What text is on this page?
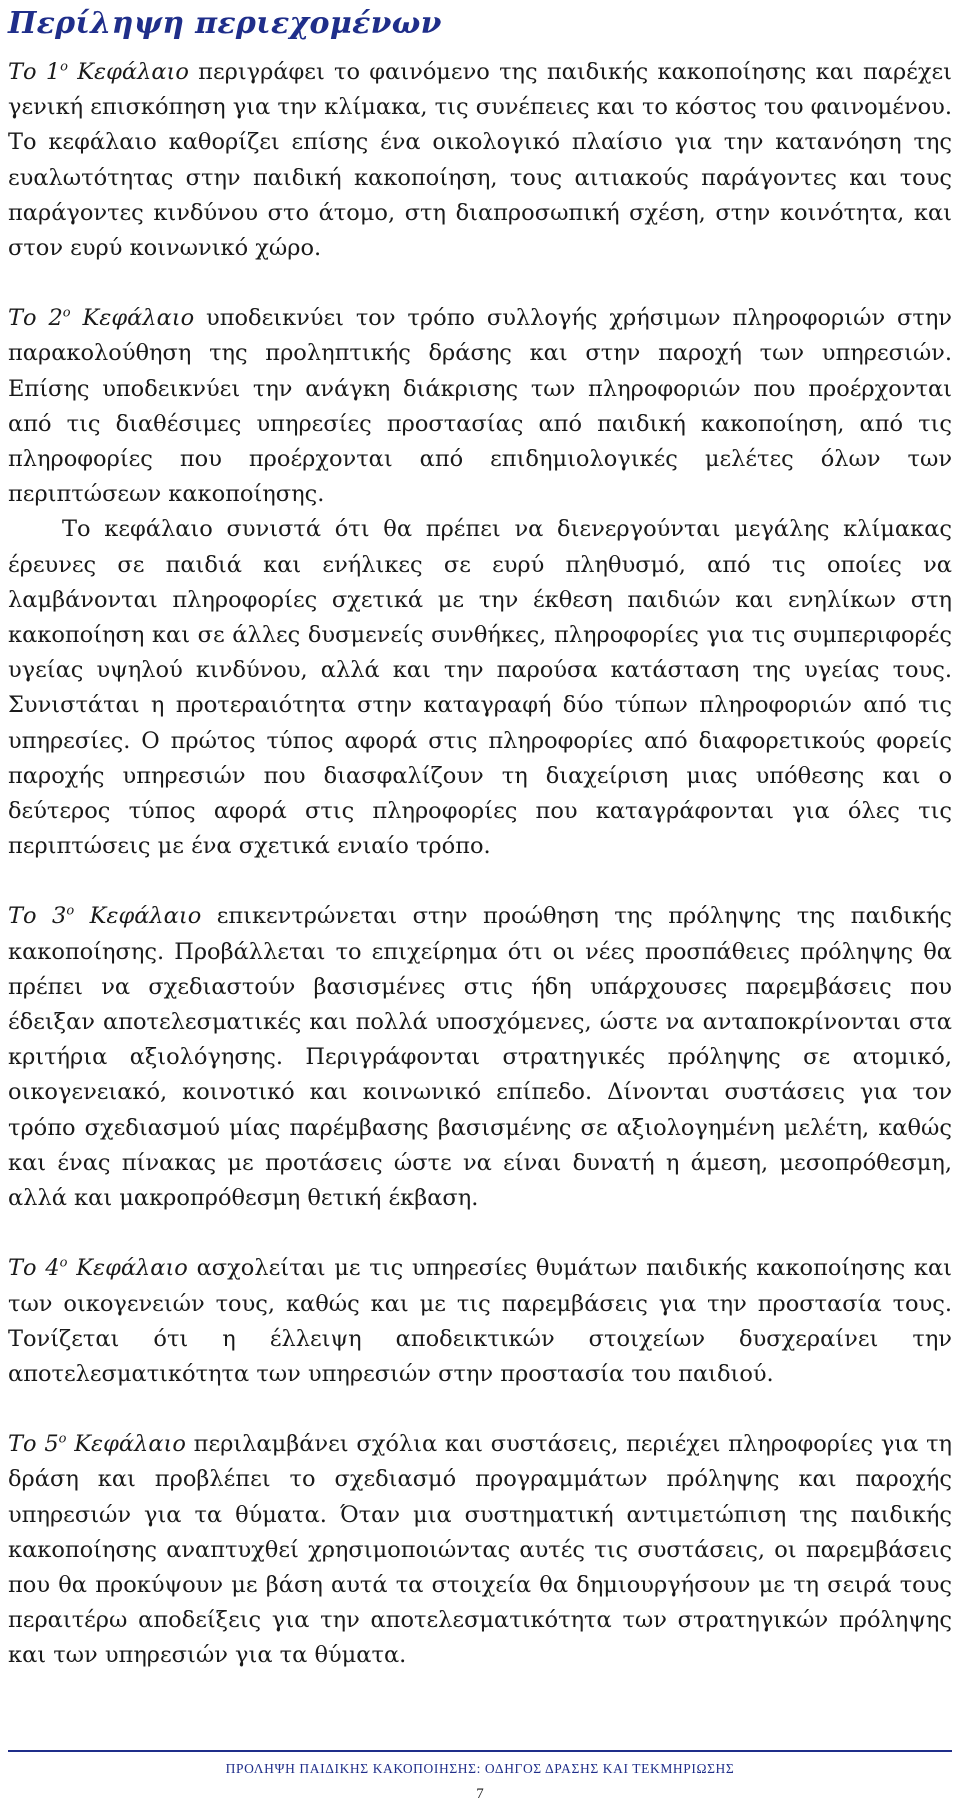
Περίληψη περιεχομένων

Το $1^o$ Κεφάλαιο περιγράφει το φαινόμενο της παιδικής κακοποίησης και παρέχει γενική επισκόπηση για την κλίμακα, τις συνέπειες και το κόστος του φαινομένου. Το κεφάλαιο καθορίζει επίσης ένα οικολογικό πλαίσιο για την κατανόηση της ευαλωτότητας στην παιδική κακοποίηση, τους αιτιακούς παράγοντες και τους παράγοντες κινδύνου στο άτομο, στη διαπροσωπική σχέση, στην κοινότητα, και στον ευρύ κοινωνικό χώρο.

Το $2^o$ Κεφάλαιο υποδεικνύει τον τρόπο συλλογής χρήσιμων πληροφοριών στην παρακολούθηση της προληπτικής δράσης και στην παροχή των υπηρεσιών. Επίσης υποδεικνύει την ανάγκη διάκρισης των πληροφοριών που προέρχονται από τις διαθέσιμες υπηρεσίες προστασίας από παιδική κακοποίηση, από τις πληροφορίες που προέρχονται από επιδημιολογικές μελέτες όλων των περιπτώσεων κακοποίησης.

Το κεφάλαιο συνιστά ότι θα πρέπει να διενεργούνται μεγάλης κλίμακας έρευνες σε παιδιά και ενήλικες σε ευρύ πληθυσμό, από τις οποίες να λαμβάνονται πληροφορίες σχετικά με την έκθεση παιδιών και ενηλίκων στη κακοποίηση και σε άλλες δυσμενείς συνθήκες, πληροφορίες για τις συμπεριφορές υγείας υψηλού κινδύνου, αλλά και την παρούσα κατάσταση της υγείας τους. Συνιστάται η προτεραιότητα στην καταγραφή δύο τύπων πληροφοριών από τις υπηρεσίες. Ο πρώτος τύπος αφορά στις πληροφορίες από διαφορετικούς φορείς παροχής υπηρεσιών που διασφαλίζουν τη διαχείριση μιας υπόθεσης και ο δεύτερος τύπος αφορά στις πληροφορίες που καταγράφονται για όλες τις περιπτώσεις με ένα σχετικά ενιαίο τρόπο.

Το $3^o$ Κεφάλαιο επικεντρώνεται στην προώθηση της πρόληψης της παιδικής κακοποίησης. Προβάλλεται το επιχείρημα ότι οι νέες προσπάθειες πρόληψης θα πρέπει να σχεδιαστούν βασισμένες στις ήδη υπάρχουσες παρεμβάσεις που έδειξαν αποτελεσματικές και πολλά υποσχόμενες, ώστε να ανταποκρίνονται στα κριτήρια αξιολόγησης. Περιγράφονται στρατηγικές πρόληψης σε ατομικό, οικογενειακό, κοινοτικό και κοινωνικό επίπεδο. Δίνονται συστάσεις για τον τρόπο σχεδιασμού μίας παρέμβασης βασισμένης σε αξιολογημένη μελέτη, καθώς και ένας πίνακας με προτάσεις ώστε να είναι δυνατή η άμεση, μεσοπρόθεσμη, αλλά και μακροπρόθεσμη θετική έκβαση.

Το $4^o$ Κεφάλαιο ασχολείται με τις υπηρεσίες θυμάτων παιδικής κακοποίησης και των οικογενειών τους, καθώς και με τις παρεμβάσεις για την προστασία τους. Τονίζεται ότι η έλλειψη αποδεικτικών στοιχείων δυσχεραίνει την αποτελεσματικότητα των υπηρεσιών στην προστασία του παιδιού.

Το $5^o$ Κεφάλαιο περιλαμβάνει σχόλια και συστάσεις, περιέχει πληροφορίες για τη δράση και προβλέπει το σχεδιασμό προγραμμάτων πρόληψης και παροχής υπηρεσιών για τα θύματα. Όταν μια συστηματική αντιμετώπιση της παιδικής κακοποίησης αναπτυχθεί χρησιμοποιώντας αυτές τις συστάσεις, οι παρεμβάσεις που θα προκύψουν με βάση αυτά τα στοιχεία θα δημιουργήσουν με τη σειρά τους περαιτέρω αποδείξεις για την αποτελεσματικότητα των στρατηγικών πρόληψης και των υπηρεσιών για τα θύματα.

ΠΡΟΛΗΨΗ ΠΑΙΔΙΚΗΣ ΚΑΚΟΠΟΙΗΣΗΣ: ΟΔΗΓΟΣ ΔΡΑΣΗΣ ΚΑΙ ΤΕΚΜΗΡΙΩΣΗΣ
7
